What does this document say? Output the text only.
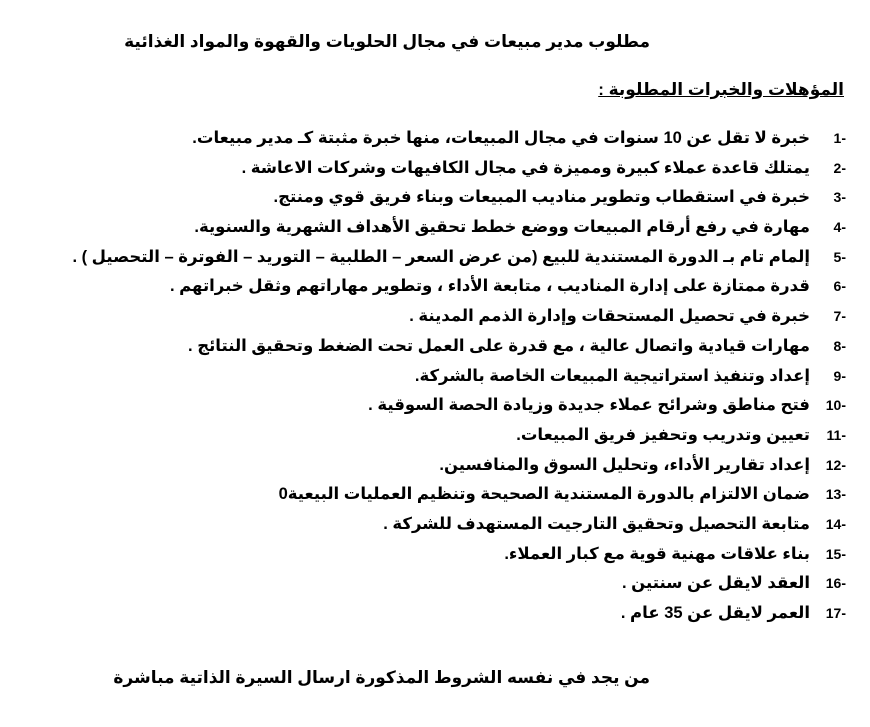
مطلوب مدير مبيعات في مجال الحلويات والقهوة والمواد الغذائية
المؤهلات والخبرات المطلوبة :
1-خبرة لا تقل عن 10 سنوات في مجال المبيعات، منها خبرة مثبتة كـ مدير مبيعات.
2-يمتلك قاعدة عملاء كبيرة ومميزة في مجال الكافيهات وشركات الاعاشة .
3-خبرة في استقطاب وتطوير مناديب المبيعات وبناء فريق قوي ومنتج.
4-مهارة في رفع أرقام المبيعات ووضع خطط تحقيق الأهداف الشهرية والسنوية.
5-إلمام تام بـ الدورة المستندية للبيع (من عرض السعر – الطلبية – التوريد – الفوترة – التحصيل ) .
6-قدرة ممتازة على إدارة المناديب ، متابعة الأداء ، وتطوير مهاراتهم وثقل خبراتهم .
7-خبرة في تحصيل المستحقات وإدارة الذمم المدينة .
8-مهارات قيادية واتصال عالية ، مع قدرة على العمل تحت الضغط وتحقيق النتائج .
9-إعداد وتنفيذ استراتيجية المبيعات الخاصة بالشركة.
10-فتح مناطق وشرائح عملاء جديدة وزيادة الحصة السوقية .
11-تعيين وتدريب وتحفيز فريق المبيعات.
12-إعداد تقارير الأداء، وتحليل السوق والمنافسين.
13-ضمان الالتزام بالدورة المستندية الصحيحة وتنظيم العمليات البيعية0
14-متابعة التحصيل وتحقيق التارجيت المستهدف للشركة .
15-بناء علاقات مهنية قوية مع كبار العملاء.
16-العقد لايقل عن سنتين .
17-العمر لايقل عن 35 عام .
من يجد في نفسه الشروط المذكورة ارسال السيرة الذاتية مباشرة
